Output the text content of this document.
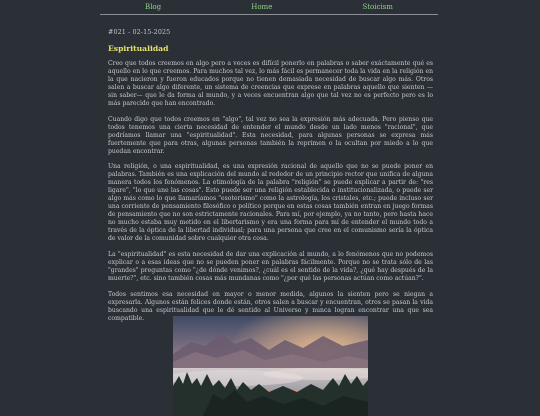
Blog	Home	Stoicism
#021 - 02-15-2025
Espiritualidad

Creo que todos creemos en algo pero a veces es difícil ponerlo en palabras o saber exáctamente qué es aquello en lo que creemos. Para muchos tal vez, lo más fácil es permanecer toda la vida en la religión en la que nacieron y fueron educados porque no tienen demasiada necesidad de buscar algo más. Otros salen a buscar algo diferente, un sistema de creencias que exprese en palabras aquello que sienten —sin saber— que le da forma al mundo, y a veces encuentran algo que tal vez no es perfecto pero es lo más parecido que han encontrado.

Cuando digo que todos creemos en "algo", tal vez no sea la expresión más adecuada. Pero pienso que todos tenemos una cierta necesidad de entender el mundo desde un lado menos "racional", que podríamos llamar una "espiritualidad". Esta necesidad, para algunas personas se expresa más fuertemente que para otras, algunas personas también la reprimen o la ocultan por miedo a lo que puedan encontrar.

Una religión, o una espiritualidad, es una expresión racional de aquello que no se puede poner en palabras. También es una explicación del mundo al rededor de un principio rector que unifica de alguna manera todos los fenómenos. La etimología de la palabra "religión" se puede explicar a partir de: "res ligare", "lo que une las cosas". Esto puede ser una religión establecida o institucionalizada, o puede ser algo más como lo que llamaríamos "esoterismo" como la astrología, los cristales, etc.; puede incluso ser una corriente de pensamiento filosófico o político porque en estas cosas también entran en juego formas de pensamiento que no son estrictamente racionales. Para mí, por ejemplo, ya no tanto, pero hasta hace no mucho estaba muy metido en el libertarismo y era una forma para mí de entender el mundo todo a través de la óptica de la libertad individual; para una persona que cree en el comunismo sería la óptica de valor de la comunidad sobre cualquier otra cosa.

La "espiritualidad" es esta necesidad de dar una explicación al mundo, a lo fenómenos que no podemos explicar o a esas ideas que no se pueden poner en palabras fácilmente. Porque no se trata sólo de las "grandes" preguntas como "¿de dónde venimos?, ¿cuál es el sentido de la vida?, ¿qué hay después de la muerte?", etc. sino también cosas más mundanas como "¿por qué las personas actúan como actúan?".

Todos sentimos esa necesidad en mayor o menor medida, algunos la sienten pero se niegan a expresarla. Algunos están felices donde están, otros salen a buscar y encuentran, otros se pasan la vida buscando una espiritualidad que le dé sentido al Universo y nunca logran encontrar una que sea compatible.
